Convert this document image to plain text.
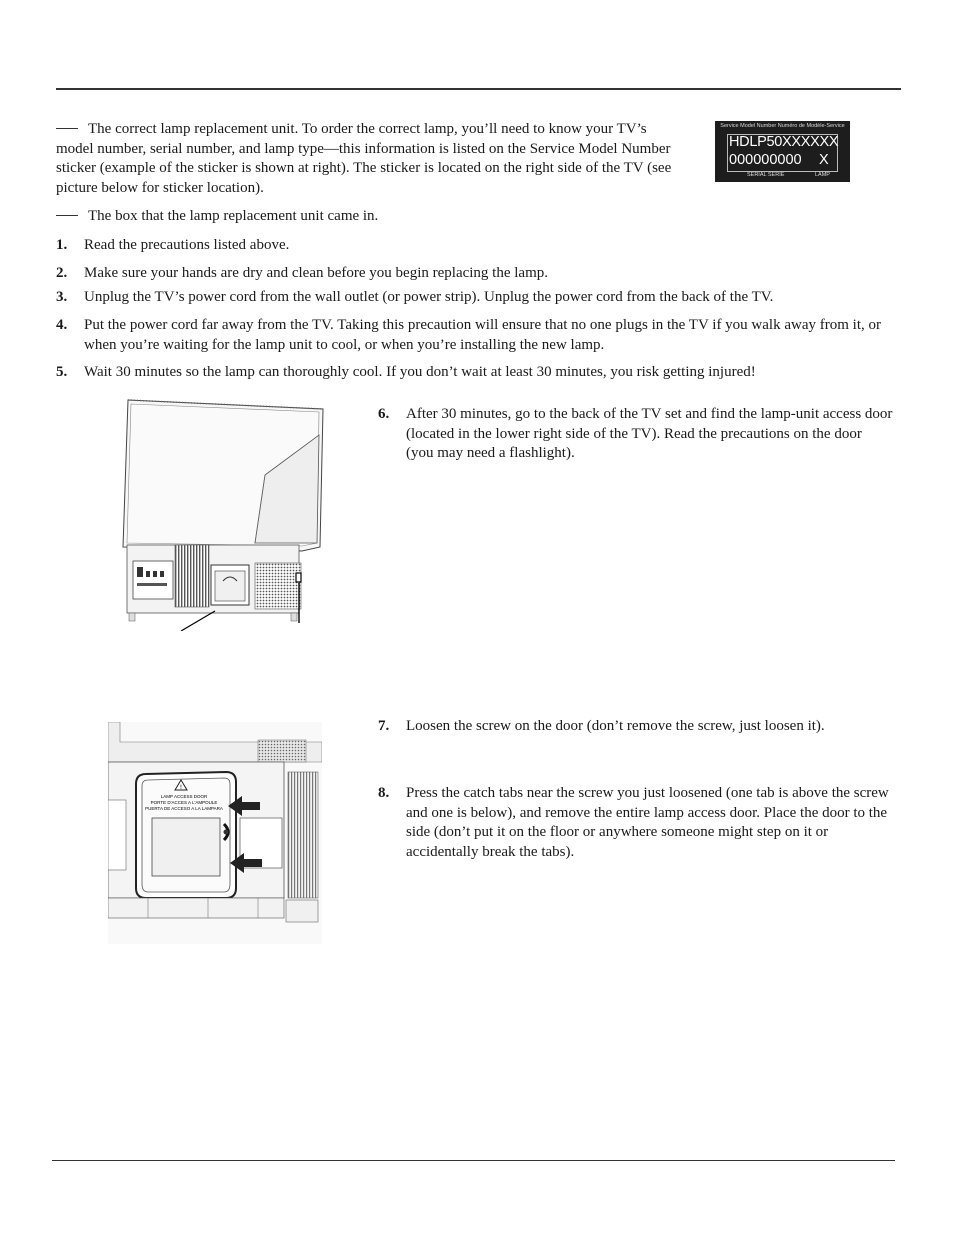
The correct lamp replacement unit. To order the correct lamp, you’ll need to know your TV’s model number, serial number, and lamp type—this information is listed on the Service Model Number sticker (example of the sticker is shown at right). The sticker is located on the right side of the TV (see picture below for sticker location).
The box that the lamp replacement unit came in.
Service Model Number Numéro de Modèle-Service
HDLP50XXXXXX
000000000 X
SERIAL SERIE	LAMP
1. Read the precautions listed above.
2. Make sure your hands are dry and clean before you begin replacing the lamp.
3. Unplug the TV’s power cord from the wall outlet (or power strip). Unplug the power cord from the back of the TV.
4. Put the power cord far away from the TV. Taking this precaution will ensure that no one plugs in the TV if you walk away from it, or when you’re waiting for the lamp unit to cool, or when you’re installing the new lamp.
5. Wait 30 minutes so the lamp can thoroughly cool. If you don’t wait at least 30 minutes, you risk getting injured!
6. After 30 minutes, go to the back of the TV set and find the lamp-unit access door (located in the lower right side of the TV). Read the precautions on the door (you may need a flashlight).
7. Loosen the screw on the door (don’t remove the screw, just loosen it).
8. Press the catch tabs near the screw you just loosened (one tab is above the screw and one is below), and remove the entire lamp access door. Place the door to the side (don’t put it on the floor or anywhere someone might step on it or accidentally break the tabs).
!
LAMP ACCESS DOOR
PORTE D'ACCES A L'AMPOULE
PUERTA DE ACCESO A LA LAMPARA
